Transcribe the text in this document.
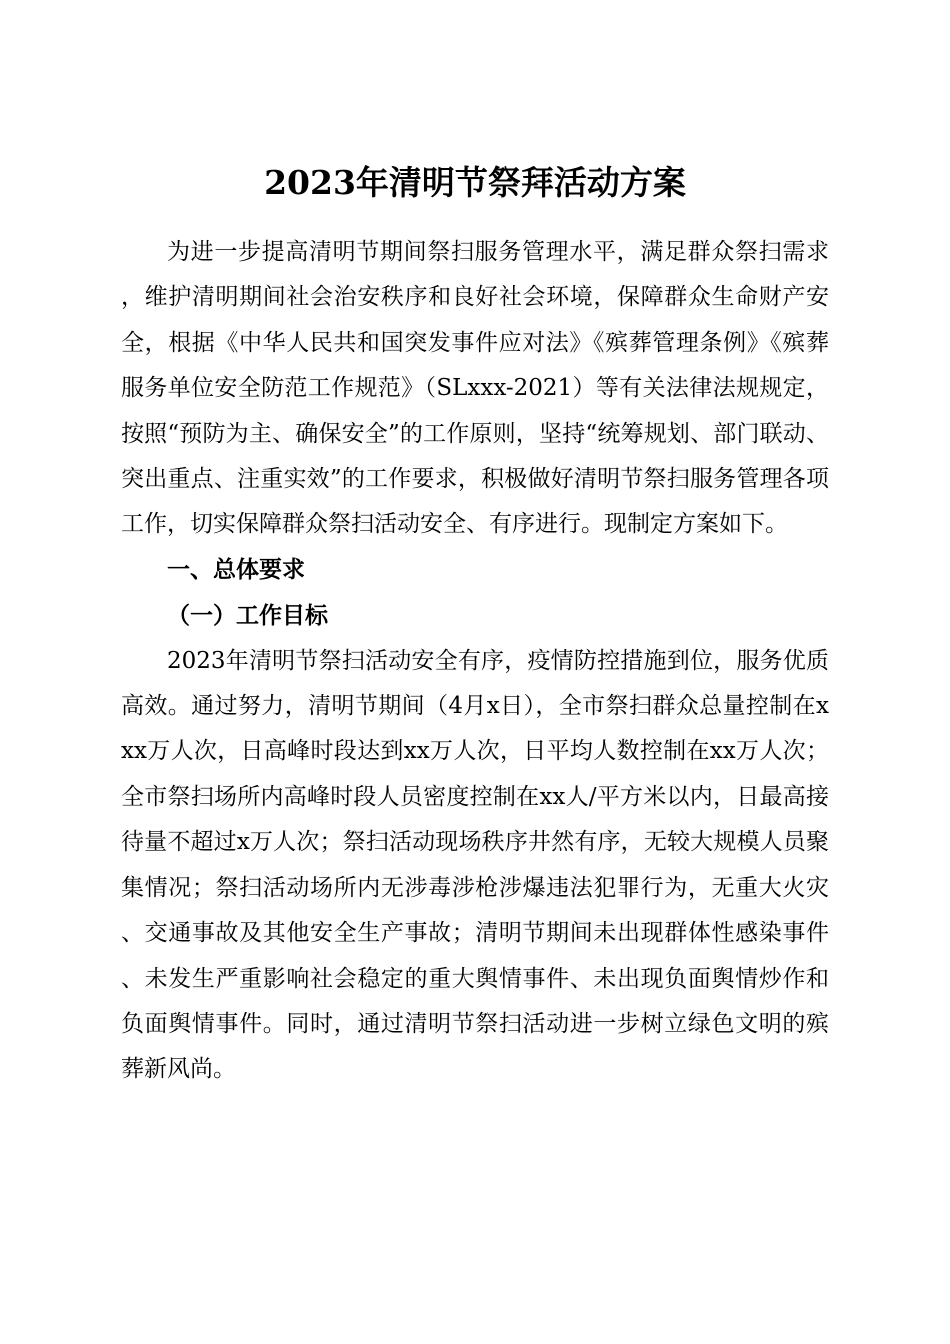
2023年清明节祭拜活动方案

为进一步提高清明节期间祭扫服务管理水平，满足群众祭扫需求，维护清明期间社会治安秩序和良好社会环境，保障群众生命财产安全，根据《中华人民共和国突发事件应对法》《殡葬管理条例》《殡葬服务单位安全防范工作规范》（SLxxx-2021）等有关法律法规规定，按照“预防为主、确保安全”的工作原则，坚持“统筹规划、部门联动、突出重点、注重实效”的工作要求，积极做好清明节祭扫服务管理各项工作，切实保障群众祭扫活动安全、有序进行。现制定方案如下。

一、总体要求

（一）工作目标

2023年清明节祭扫活动安全有序，疫情防控措施到位，服务优质高效。通过努力，清明节期间（4月x日），全市祭扫群众总量控制在xxx万人次，日高峰时段达到xx万人次，日平均人数控制在xx万人次；全市祭扫场所内高峰时段人员密度控制在xx人/平方米以内，日最高接待量不超过x万人次；祭扫活动现场秩序井然有序，无较大规模人员聚集情况；祭扫活动场所内无涉毒涉枪涉爆违法犯罪行为，无重大火灾、交通事故及其他安全生产事故；清明节期间未出现群体性感染事件、未发生严重影响社会稳定的重大舆情事件、未出现负面舆情炒作和负面舆情事件。同时，通过清明节祭扫活动进一步树立绿色文明的殡葬新风尚。
